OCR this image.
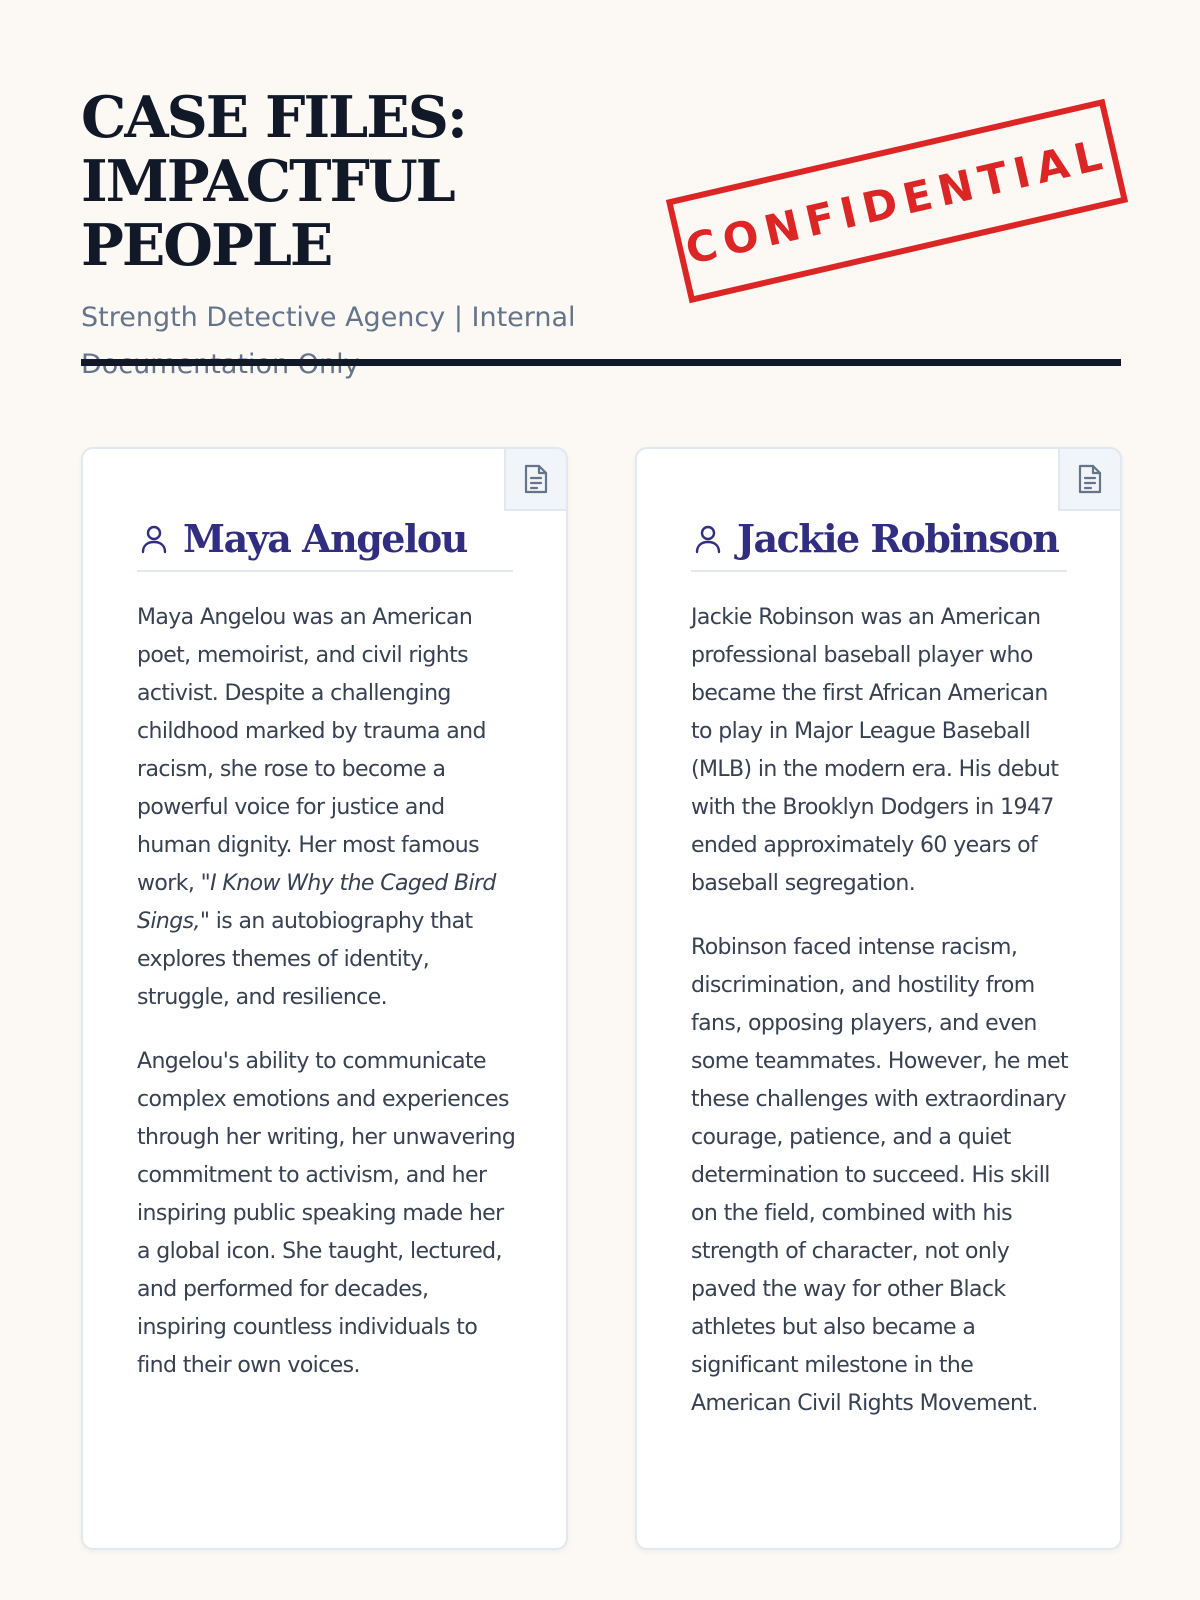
CASE FILES:
IMPACTFUL PEOPLE
Strength Detective Agency | Internal
CONFIDENTIAL
Maya Angelou

Maya Angelou was an American poet, memoirist, and civil rights activist. Despite a challenging childhood marked by trauma and racism, she rose to become a powerful voice for justice and human dignity. Her most famous work, "I Know Why the Caged Bird Sings," is an autobiography that explores themes of identity, struggle, and resilience.

Angelou's ability to communicate complex emotions and experiences through her writing, her unwavering commitment to activism, and her inspiring public speaking made her a global icon. She taught, lectured, and performed for decades, inspiring countless individuals to find their own voices.

Jackie Robinson

Jackie Robinson was an American professional baseball player who became the first African American to play in Major League Baseball (MLB) in the modern era. His debut with the Brooklyn Dodgers in 1947 ended approximately 60 years of baseball segregation.

Robinson faced intense racism, discrimination, and hostility from fans, opposing players, and even some teammates. However, he met these challenges with extraordinary courage, patience, and a quiet determination to succeed. His skill on the field, combined with his strength of character, not only paved the way for other Black athletes but also became a significant milestone in the American Civil Rights Movement.
